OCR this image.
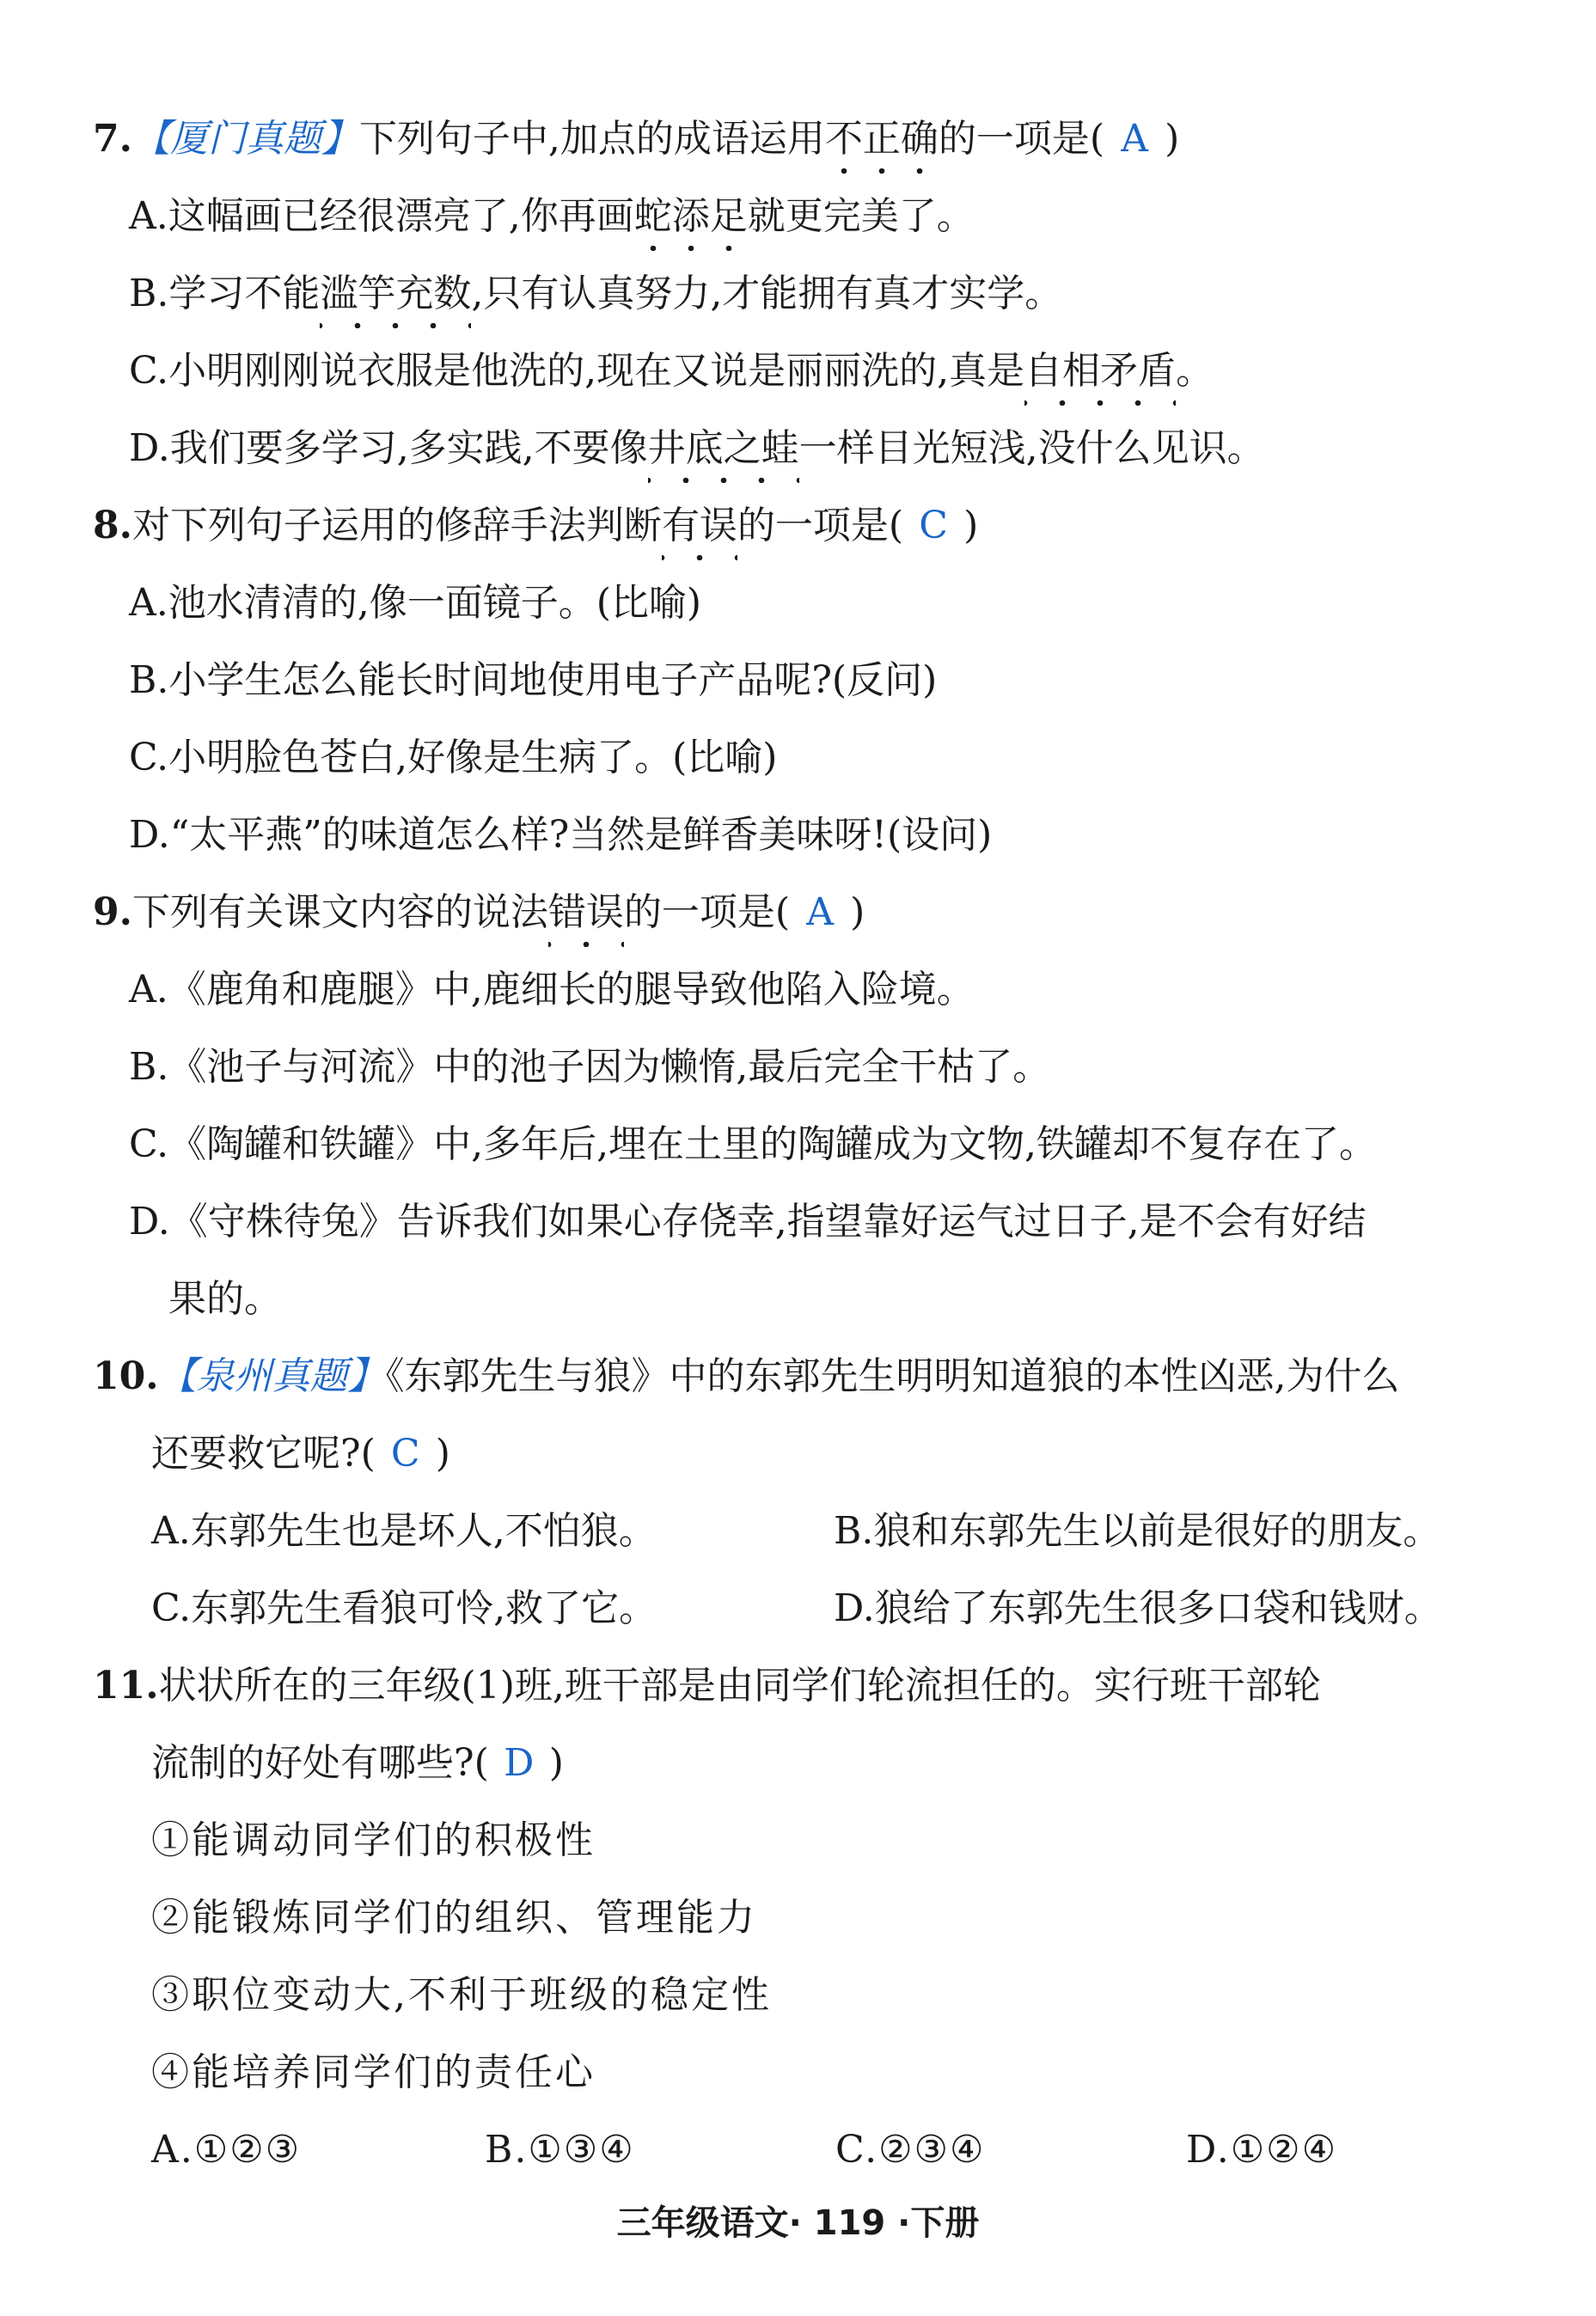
7.【厦门真题】下列句子中,加点的成语运用不正确的一项是( A )
A.这幅画已经很漂亮了,你再画蛇添足就更完美了。
B.学习不能滥竽充数,只有认真努力,才能拥有真才实学。
C.小明刚刚说衣服是他洗的,现在又说是丽丽洗的,真是自相矛盾。
D.我们要多学习,多实践,不要像井底之蛙一样目光短浅,没什么见识。
8.对下列句子运用的修辞手法判断有误的一项是( C )
A.池水清清的,像一面镜子。(比喻)
B.小学生怎么能长时间地使用电子产品呢?(反问)
C.小明脸色苍白,好像是生病了。(比喻)
D.“太平燕”的味道怎么样?当然是鲜香美味呀!(设问)
9.下列有关课文内容的说法错误的一项是( A )
A.《鹿角和鹿腿》中,鹿细长的腿导致他陷入险境。
B.《池子与河流》中的池子因为懒惰,最后完全干枯了。
C.《陶罐和铁罐》中,多年后,埋在土里的陶罐成为文物,铁罐却不复存在了。
D.《守株待兔》告诉我们如果心存侥幸,指望靠好运气过日子,是不会有好结
果的。
10.【泉州真题】《东郭先生与狼》中的东郭先生明明知道狼的本性凶恶,为什么
还要救它呢?( C )
A.东郭先生也是坏人,不怕狼。	B.狼和东郭先生以前是很好的朋友。
C.东郭先生看狼可怜,救了它。	D.狼给了东郭先生很多口袋和钱财。
11.状状所在的三年级(1)班,班干部是由同学们轮流担任的。实行班干部轮
流制的好处有哪些?( D )
①能调动同学们的积极性
②能锻炼同学们的组织、管理能力
③职位变动大,不利于班级的稳定性
④能培养同学们的责任心
A.①②③	B.①③④	C.②③④	D.①②④
三年级语文· 119 ·下册
